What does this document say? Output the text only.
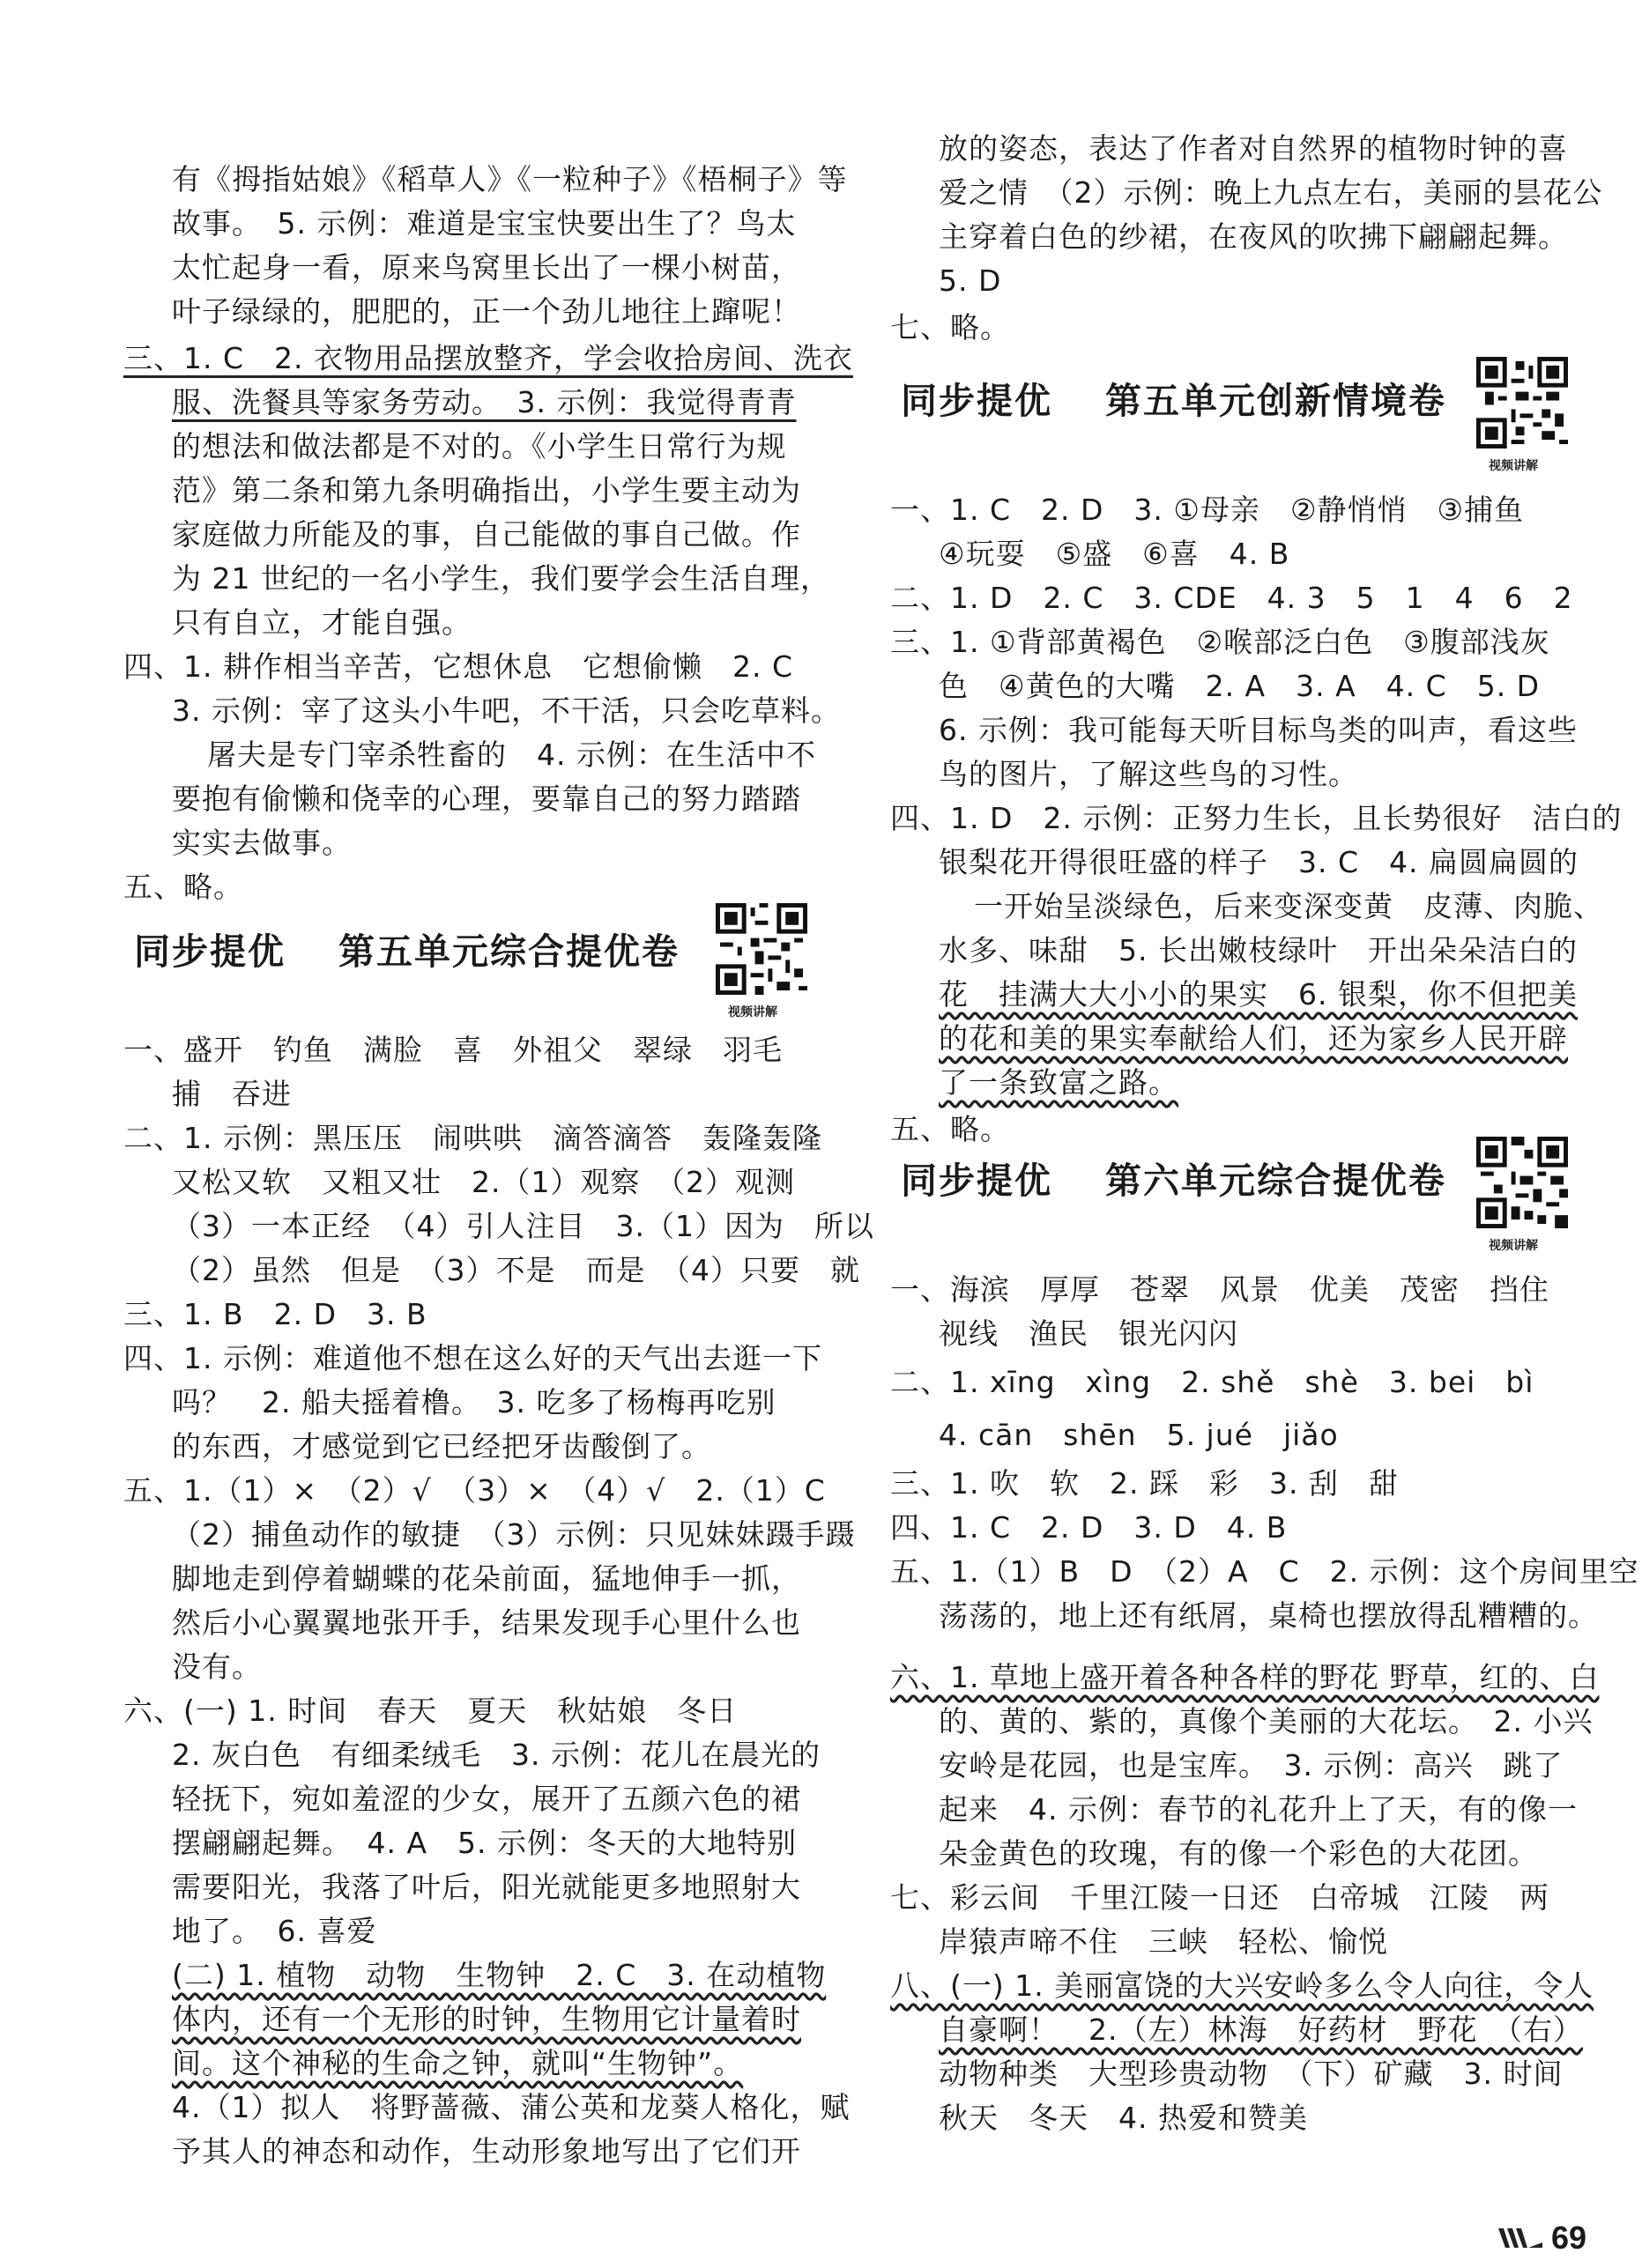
有《拇指姑娘》《稻草人》《一粒种子》《梧桐子》等
故事。　5. 示例：难道是宝宝快要出生了？鸟太
太忙起身一看，原来鸟窝里长出了一棵小树苗，
叶子绿绿的，肥肥的，正一个劲儿地往上蹿呢！
三、1. C　2. 衣物用品摆放整齐，学会收拾房间、洗衣
服、洗餐具等家务劳动。　3. 示例：我觉得青青
的想法和做法都是不对的。《小学生日常行为规
范》第二条和第九条明确指出，小学生要主动为
家庭做力所能及的事，自己能做的事自己做。作
为 21 世纪的一名小学生，我们要学会生活自理，
只有自立，才能自强。
四、1. 耕作相当辛苦，它想休息　它想偷懒　2. C
3. 示例：宰了这头小牛吧，不干活，只会吃草料。
屠夫是专门宰杀牲畜的　4. 示例：在生活中不
要抱有偷懒和侥幸的心理，要靠自己的努力踏踏
实实去做事。
五、略。
一、盛开　钓鱼　满脸　喜　外祖父　翠绿　羽毛
捕　吞进
二、1. 示例：黑压压　闹哄哄　滴答滴答　轰隆轰隆
又松又软　又粗又壮　2.（1）观察　（2）观测
（3）一本正经　（4）引人注目　3.（1）因为　所以
（2）虽然　但是　（3）不是　而是　（4）只要　就
三、1. B　2. D　3. B
四、1. 示例：难道他不想在这么好的天气出去逛一下
吗？　2. 船夫摇着橹。　3. 吃多了杨梅再吃别
的东西，才感觉到它已经把牙齿酸倒了。
五、1.（1）×　（2）√　（3）×　（4）√　2.（1）C
（2）捕鱼动作的敏捷　（3）示例：只见妹妹蹑手蹑
脚地走到停着蝴蝶的花朵前面，猛地伸手一抓，
然后小心翼翼地张开手，结果发现手心里什么也
没有。
六、(一) 1. 时间　春天　夏天　秋姑娘　冬日
2. 灰白色　有细柔绒毛　3. 示例：花儿在晨光的
轻抚下，宛如羞涩的少女，展开了五颜六色的裙
摆翩翩起舞。　4. A　5. 示例：冬天的大地特别
需要阳光，我落了叶后，阳光就能更多地照射大
地了。　6. 喜爱
(二) 1. 植物　动物　生物钟　2. C　3. 在动植物
体内，还有一个无形的时钟，生物用它计量着时
间。这个神秘的生命之钟，就叫“生物钟”。
4.（1）拟人　将野蔷薇、蒲公英和龙葵人格化，赋
予其人的神态和动作，生动形象地写出了它们开
放的姿态，表达了作者对自然界的植物时钟的喜
爱之情　（2）示例：晚上九点左右，美丽的昙花公
主穿着白色的纱裙，在夜风的吹拂下翩翩起舞。
5. D
七、略。
一、1. C　2. D　3. ①母亲　②静悄悄　③捕鱼
④玩耍　⑤盛　⑥喜　4. B
二、1. D　2. C　3. CDE　4. 3　5　1　4　6　2
三、1. ①背部黄褐色　②喉部泛白色　③腹部浅灰
色　④黄色的大嘴　2. A　3. A　4. C　5. D
6. 示例：我可能每天听目标鸟类的叫声，看这些
鸟的图片，了解这些鸟的习性。
四、1. D　2. 示例：正努力生长，且长势很好　洁白的
银梨花开得很旺盛的样子　3. C　4. 扁圆扁圆的
一开始呈淡绿色，后来变深变黄　皮薄、肉脆、
水多、味甜　5. 长出嫩枝绿叶　开出朵朵洁白的
花　挂满大大小小的果实　6. 银梨，你不但把美
的花和美的果实奉献给人们，还为家乡人民开辟
了一条致富之路。
五、略。
一、海滨　厚厚　苍翠　风景　优美　茂密　挡住
视线　渔民　银光闪闪
二、1. xīng　xìng　2. shě　shè　3. bei　bì
4. cān　shēn　5. jué　jiǎo
三、1. 吹　软　2. 踩　彩　3. 刮　甜
四、1. C　2. D　3. D　4. B
五、1.（1）B　D　（2）A　C　2. 示例：这个房间里空
荡荡的，地上还有纸屑，桌椅也摆放得乱糟糟的。
六、1. 草地上盛开着各种各样的野花 野草，红的、白
的、黄的、紫的，真像个美丽的大花坛。　2. 小兴
安岭是花园，也是宝库。　3. 示例：高兴　跳了
起来　4. 示例：春节的礼花升上了天，有的像一
朵金黄色的玫瑰，有的像一个彩色的大花团。
七、彩云间　千里江陵一日还　白帝城　江陵　两
岸猿声啼不住　三峡　轻松、愉悦
八、(一) 1. 美丽富饶的大兴安岭多么令人向往，令人
自豪啊！　2.（左）林海　好药材　野花　（右）
动物种类　大型珍贵动物　（下）矿藏　3. 时间
秋天　冬天　4. 热爱和赞美
同步提优 第五单元综合提优卷
视频讲解
同步提优 第五单元创新情境卷
视频讲解
同步提优 第六单元综合提优卷
视频讲解
69
